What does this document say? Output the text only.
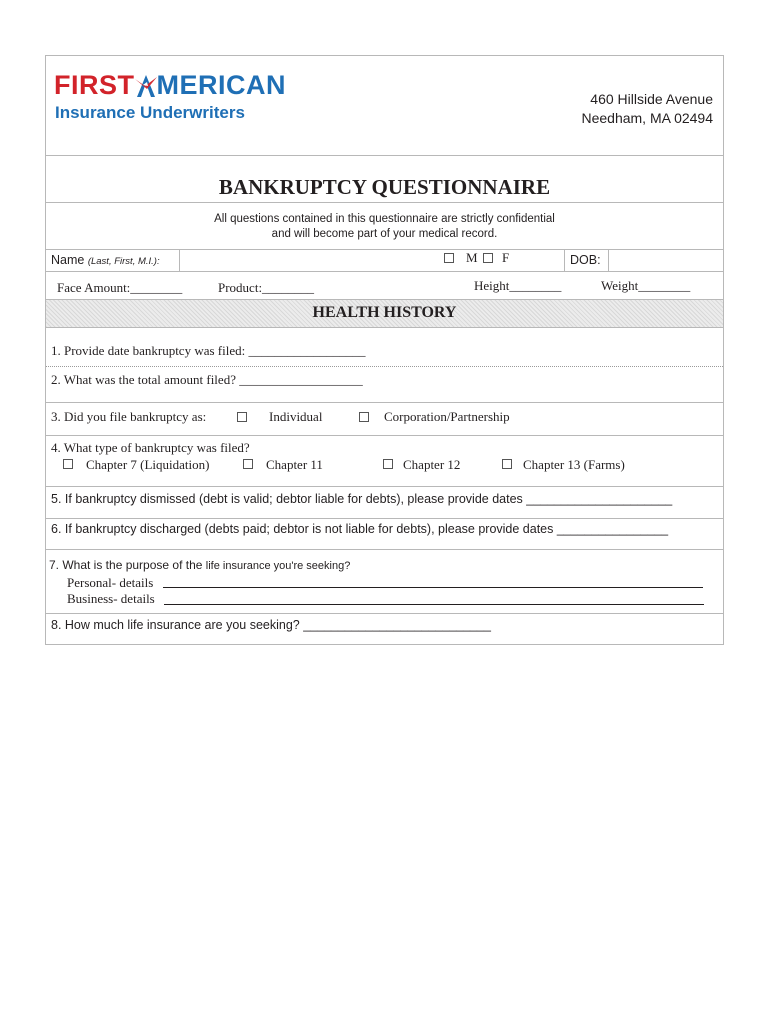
FIRST MERICAN
Insurance Underwriters
460 Hillside Avenue
Needham, MA 02494
BANKRUPTCY QUESTIONNAIRE
All questions contained in this questionnaire are strictly confidential
and will become part of your medical record.
Name (Last, First, M.I.):	M F	DOB:
Face Amount:________	Product:________	Height________	Weight________
HEALTH HISTORY
1. Provide date bankruptcy was filed: __________________
2. What was the total amount filed? ___________________
3. Did you file bankruptcy as:	Individual	Corporation/Partnership
4. What type of bankruptcy was filed?
Chapter 7 (Liquidation)	Chapter 11	Chapter 12	Chapter 13 (Farms)
5. If bankruptcy dismissed (debt is valid; debtor liable for debts), please provide dates _____________________
6. If bankruptcy discharged (debts paid; debtor is not liable for debts), please provide dates ________________
7. What is the purpose of the life insurance you're seeking?
Personal- details
Business- details
8. How much life insurance are you seeking? ___________________________
